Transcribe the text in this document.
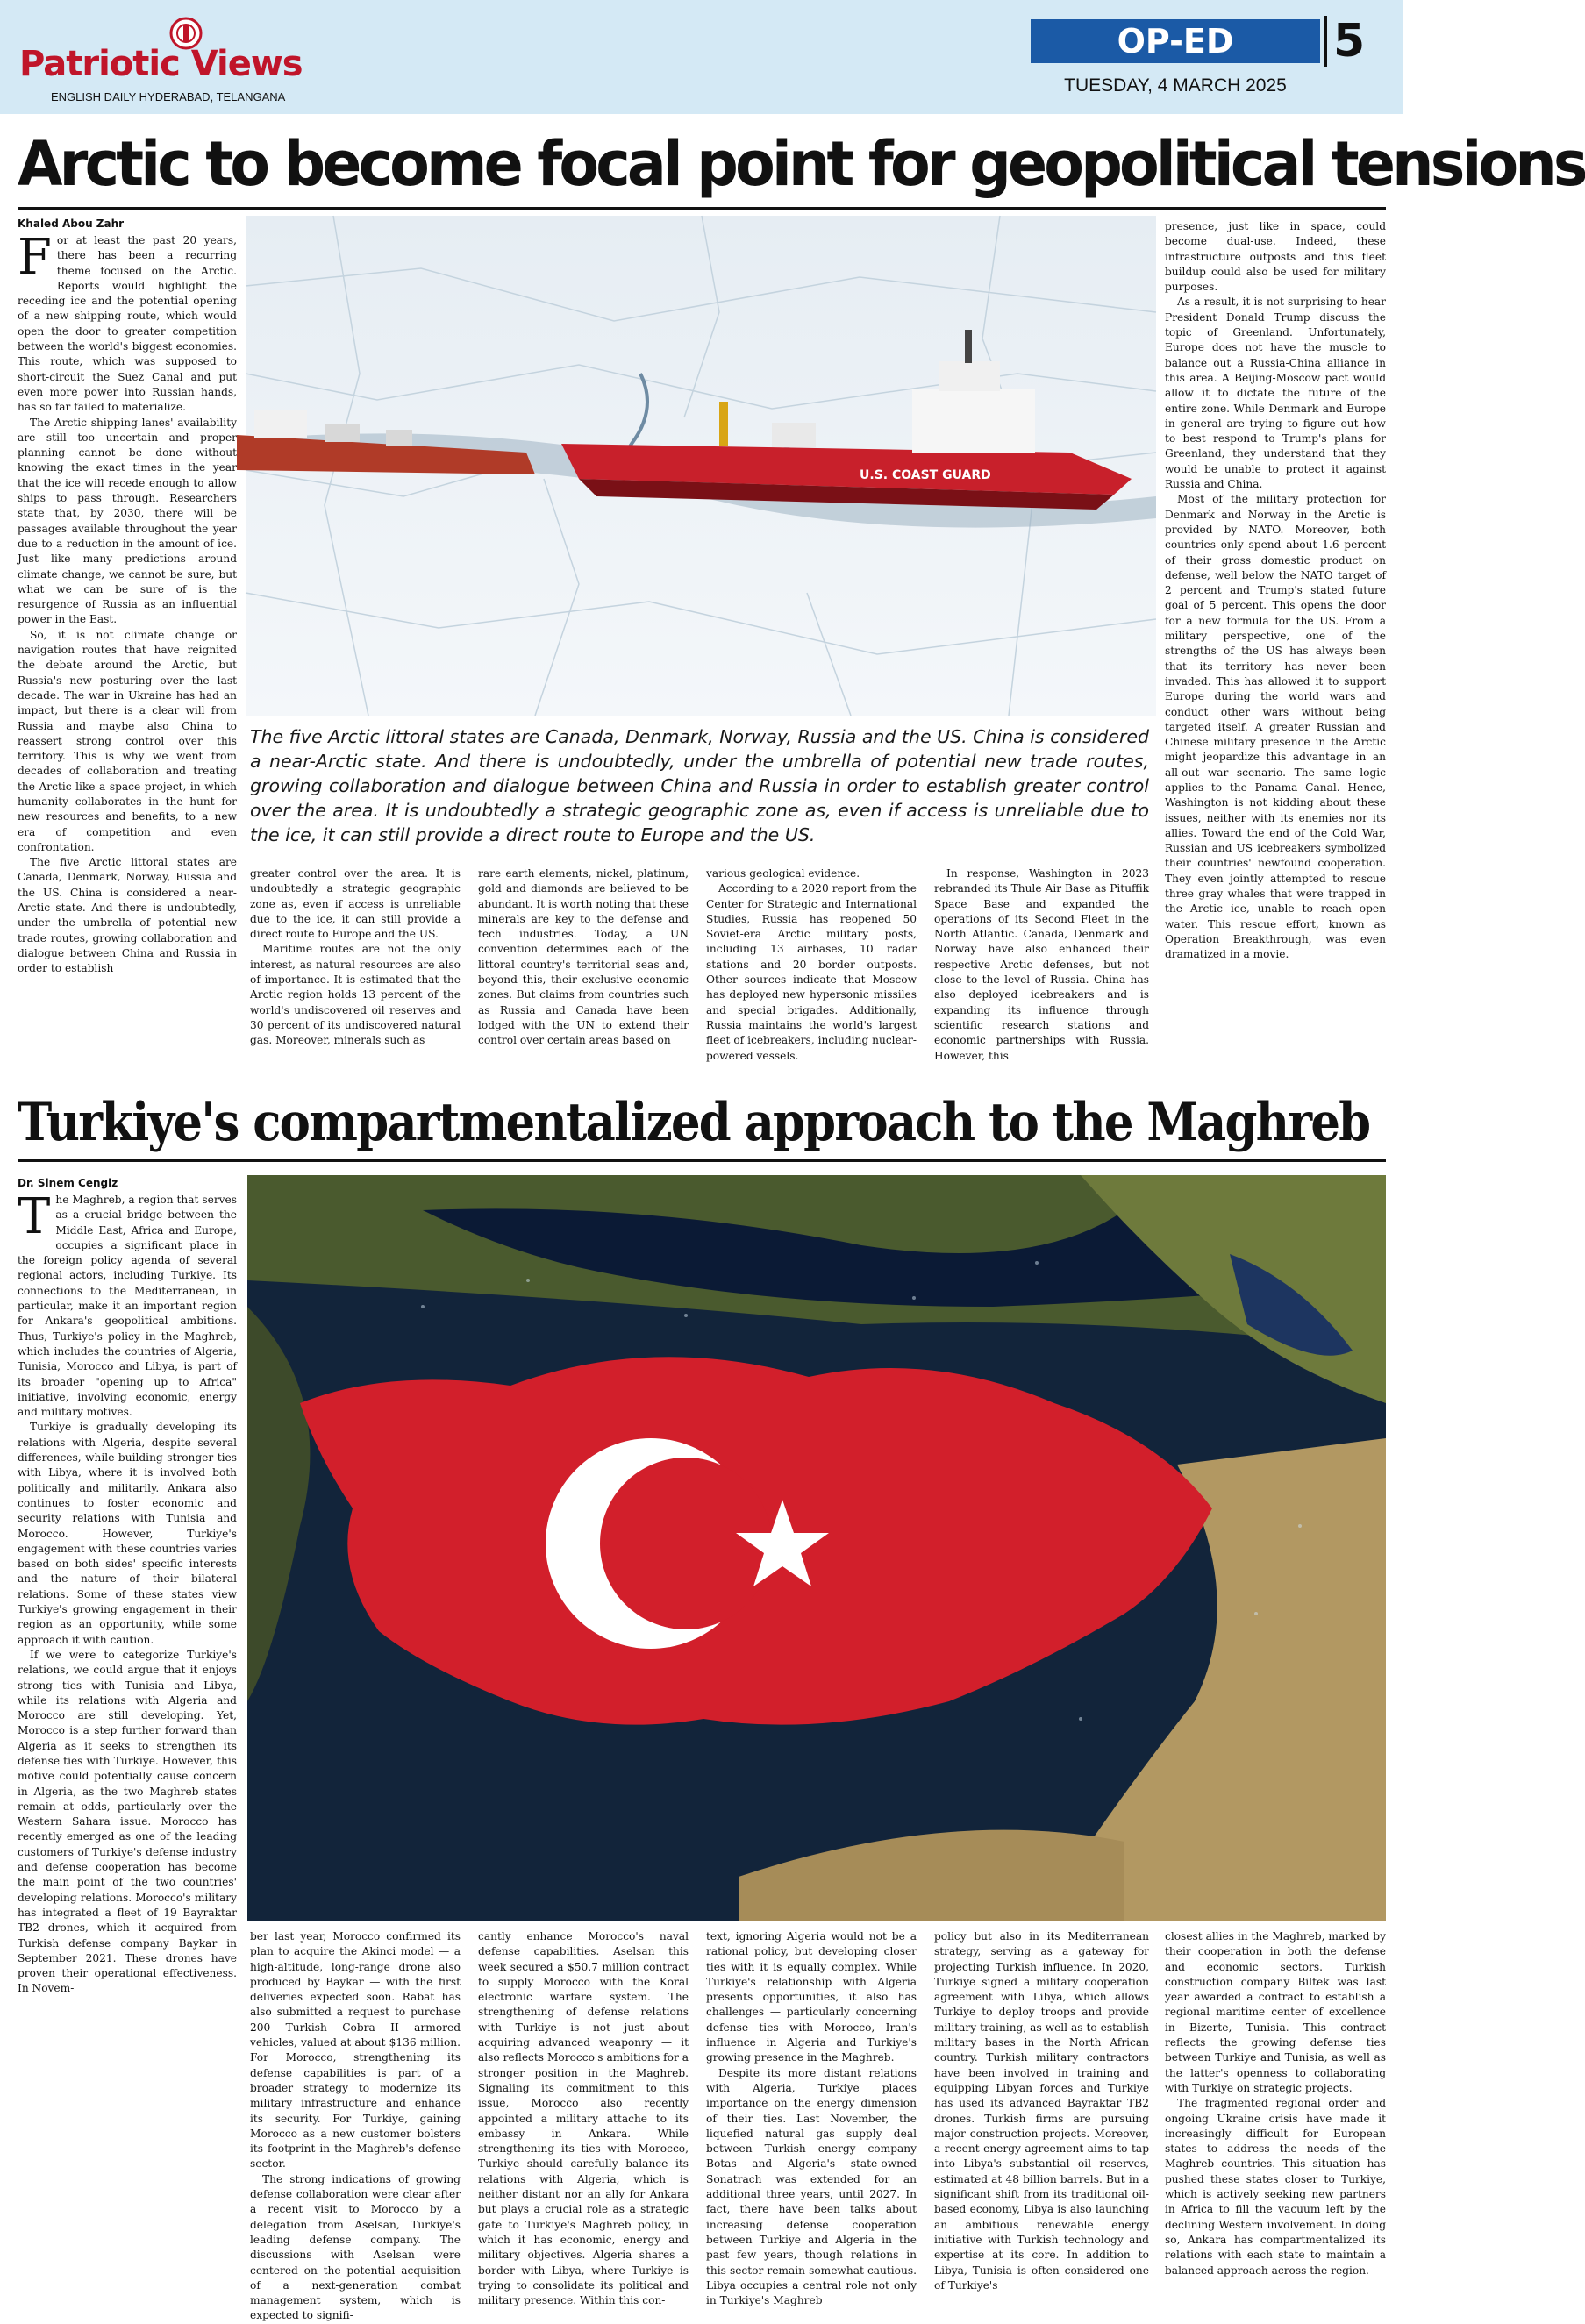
Patriotic Views
ENGLISH DAILY HYDERABAD, TELANGANA
OP-ED	5
TUESDAY, 4 MARCH 2025
Arctic to become focal point for geopolitical tensions
Khaled Abou Zahr

For at least the past 20 years, there has been a recurring theme focused on the Arctic. Reports would highlight the receding ice and the potential opening of a new shipping route, which would open the door to greater competition between the world's biggest economies. This route, which was supposed to short-circuit the Suez Canal and put even more power into Russian hands, has so far failed to materialize.

The Arctic shipping lanes' availability are still too uncertain and proper planning cannot be done without knowing the exact times in the year that the ice will recede enough to allow ships to pass through. Researchers state that, by 2030, there will be passages available throughout the year due to a reduction in the amount of ice. Just like many predictions around climate change, we cannot be sure, but what we can be sure of is the resurgence of Russia as an influential power in the East.

So, it is not climate change or navigation routes that have reignited the debate around the Arctic, but Russia's new posturing over the last decade. The war in Ukraine has had an impact, but there is a clear will from Russia and maybe also China to reassert strong control over this territory. This is why we went from decades of collaboration and treating the Arctic like a space project, in which humanity collaborates in the hunt for new resources and benefits, to a new era of competition and even confrontation.

The five Arctic littoral states are Canada, Denmark, Norway, Russia and the US. China is considered a near-Arctic state. And there is undoubtedly, under the umbrella of potential new trade routes, growing collaboration and dialogue between China and Russia in order to establish

U.S. COAST GUARD
The five Arctic littoral states are Canada, Denmark, Norway, Russia and the US. China is considered a near-Arctic state. And there is undoubtedly, under the umbrella of potential new trade routes, growing collaboration and dialogue between China and Russia in order to establish greater control over the area. It is undoubtedly a strategic geographic zone as, even if access is unreliable due to the ice, it can still provide a direct route to Europe and the US.

greater control over the area. It is undoubtedly a strategic geographic zone as, even if access is unreliable due to the ice, it can still provide a direct route to Europe and the US.

Maritime routes are not the only interest, as natural resources are also of importance. It is estimated that the Arctic region holds 13 percent of the world's undiscovered oil reserves and 30 percent of its undiscovered natural gas. Moreover, minerals such as

rare earth elements, nickel, platinum, gold and diamonds are believed to be abundant. It is worth noting that these minerals are key to the defense and tech industries. Today, a UN convention determines each of the littoral country's territorial seas and, beyond this, their exclusive economic zones. But claims from countries such as Russia and Canada have been lodged with the UN to extend their control over certain areas based on

various geological evidence.

According to a 2020 report from the Center for Strategic and International Studies, Russia has reopened 50 Soviet-era Arctic military posts, including 13 airbases, 10 radar stations and 20 border outposts. Other sources indicate that Moscow has deployed new hypersonic missiles and special brigades. Additionally, Russia maintains the world's largest fleet of icebreakers, including nuclear-powered vessels.

In response, Washington in 2023 rebranded its Thule Air Base as Pituffik Space Base and expanded the operations of its Second Fleet in the North Atlantic. Canada, Denmark and Norway have also enhanced their respective Arctic defenses, but not close to the level of Russia. China has also deployed icebreakers and is expanding its influence through scientific research stations and economic partnerships with Russia. However, this

presence, just like in space, could become dual-use. Indeed, these infrastructure outposts and this fleet buildup could also be used for military purposes.

As a result, it is not surprising to hear President Donald Trump discuss the topic of Greenland. Unfortunately, Europe does not have the muscle to balance out a Russia-China alliance in this area. A Beijing-Moscow pact would allow it to dictate the future of the entire zone. While Denmark and Europe in general are trying to figure out how to best respond to Trump's plans for Greenland, they understand that they would be unable to protect it against Russia and China.

Most of the military protection for Denmark and Norway in the Arctic is provided by NATO. Moreover, both countries only spend about 1.6 percent of their gross domestic product on defense, well below the NATO target of 2 percent and Trump's stated future goal of 5 percent. This opens the door for a new formula for the US. From a military perspective, one of the strengths of the US has always been that its territory has never been invaded. This has allowed it to support Europe during the world wars and conduct other wars without being targeted itself. A greater Russian and Chinese military presence in the Arctic might jeopardize this advantage in an all-out war scenario. The same logic applies to the Panama Canal. Hence, Washington is not kidding about these issues, neither with its enemies nor its allies. Toward the end of the Cold War, Russian and US icebreakers symbolized their countries' newfound cooperation. They even jointly attempted to rescue three gray whales that were trapped in the Arctic ice, unable to reach open water. This rescue effort, known as Operation Breakthrough, was even dramatized in a movie.

Turkiye's compartmentalized approach to the Maghreb
Dr. Sinem Cengiz

The Maghreb, a region that serves as a crucial bridge between the Middle East, Africa and Europe, occupies a significant place in the foreign policy agenda of several regional actors, including Turkiye. Its connections to the Mediterranean, in particular, make it an important region for Ankara's geopolitical ambitions. Thus, Turkiye's policy in the Maghreb, which includes the countries of Algeria, Tunisia, Morocco and Libya, is part of its broader "opening up to Africa" initiative, involving economic, energy and military motives.

Turkiye is gradually developing its relations with Algeria, despite several differences, while building stronger ties with Libya, where it is involved both politically and militarily. Ankara also continues to foster economic and security relations with Tunisia and Morocco. However, Turkiye's engagement with these countries varies based on both sides' specific interests and the nature of their bilateral relations. Some of these states view Turkiye's growing engagement in their region as an opportunity, while some approach it with caution.

If we were to categorize Turkiye's relations, we could argue that it enjoys strong ties with Tunisia and Libya, while its relations with Algeria and Morocco are still developing. Yet, Morocco is a step further forward than Algeria as it seeks to strengthen its defense ties with Turkiye. However, this motive could potentially cause concern in Algeria, as the two Maghreb states remain at odds, particularly over the Western Sahara issue. Morocco has recently emerged as one of the leading customers of Turkiye's defense industry and defense cooperation has become the main point of the two countries' developing relations. Morocco's military has integrated a fleet of 19 Bayraktar TB2 drones, which it acquired from Turkish defense company Baykar in September 2021. These drones have proven their operational effectiveness. In Novem-

ber last year, Morocco confirmed its plan to acquire the Akinci model — a high-altitude, long-range drone also produced by Baykar — with the first deliveries expected soon. Rabat has also submitted a request to purchase 200 Turkish Cobra II armored vehicles, valued at about $136 million. For Morocco, strengthening its defense capabilities is part of a broader strategy to modernize its military infrastructure and enhance its security. For Turkiye, gaining Morocco as a new customer bolsters its footprint in the Maghreb's defense sector.

The strong indications of growing defense collaboration were clear after a recent visit to Morocco by a delegation from Aselsan, Turkiye's leading defense company. The discussions with Aselsan were centered on the potential acquisition of a next-generation combat management system, which is expected to signifi-

cantly enhance Morocco's naval defense capabilities. Aselsan this week secured a $50.7 million contract to supply Morocco with the Koral electronic warfare system. The strengthening of defense relations with Turkiye is not just about acquiring advanced weaponry — it also reflects Morocco's ambitions for a stronger position in the Maghreb. Signaling its commitment to this issue, Morocco also recently appointed a military attache to its embassy in Ankara. While strengthening its ties with Morocco, Turkiye should carefully balance its relations with Algeria, which is neither distant nor an ally for Ankara but plays a crucial role as a strategic gate to Turkiye's Maghreb policy, in which it has economic, energy and military objectives. Algeria shares a border with Libya, where Turkiye is trying to consolidate its political and military presence. Within this con-

text, ignoring Algeria would not be a rational policy, but developing closer ties with it is equally complex. While Turkiye's relationship with Algeria presents opportunities, it also has challenges — particularly concerning defense ties with Morocco, Iran's influence in Algeria and Turkiye's growing presence in the Maghreb.

Despite its more distant relations with Algeria, Turkiye places importance on the energy dimension of their ties. Last November, the liquefied natural gas supply deal between Turkish energy company Botas and Algeria's state-owned Sonatrach was extended for an additional three years, until 2027. In fact, there have been talks about increasing defense cooperation between Turkiye and Algeria in the past few years, though relations in this sector remain somewhat cautious. Libya occupies a central role not only in Turkiye's Maghreb

policy but also in its Mediterranean strategy, serving as a gateway for projecting Turkish influence. In 2020, Turkiye signed a military cooperation agreement with Libya, which allows Turkiye to deploy troops and provide military training, as well as to establish military bases in the North African country. Turkish military contractors have been involved in training and equipping Libyan forces and Turkiye has used its advanced Bayraktar TB2 drones. Turkish firms are pursuing major construction projects. Moreover, a recent energy agreement aims to tap into Libya's substantial oil reserves, estimated at 48 billion barrels. But in a significant shift from its traditional oil-based economy, Libya is also launching an ambitious renewable energy initiative with Turkish technology and expertise at its core. In addition to Libya, Tunisia is often considered one of Turkiye's

closest allies in the Maghreb, marked by their cooperation in both the defense and economic sectors. Turkish construction company Biltek was last year awarded a contract to establish a regional maritime center of excellence in Bizerte, Tunisia. This contract reflects the growing defense ties between Turkiye and Tunisia, as well as the latter's openness to collaborating with Turkiye on strategic projects.

The fragmented regional order and ongoing Ukraine crisis have made it increasingly difficult for European states to address the needs of the Maghreb countries. This situation has pushed these states closer to Turkiye, which is actively seeking new partners in Africa to fill the vacuum left by the declining Western involvement. In doing so, Ankara has compartmentalized its relations with each state to maintain a balanced approach across the region.
